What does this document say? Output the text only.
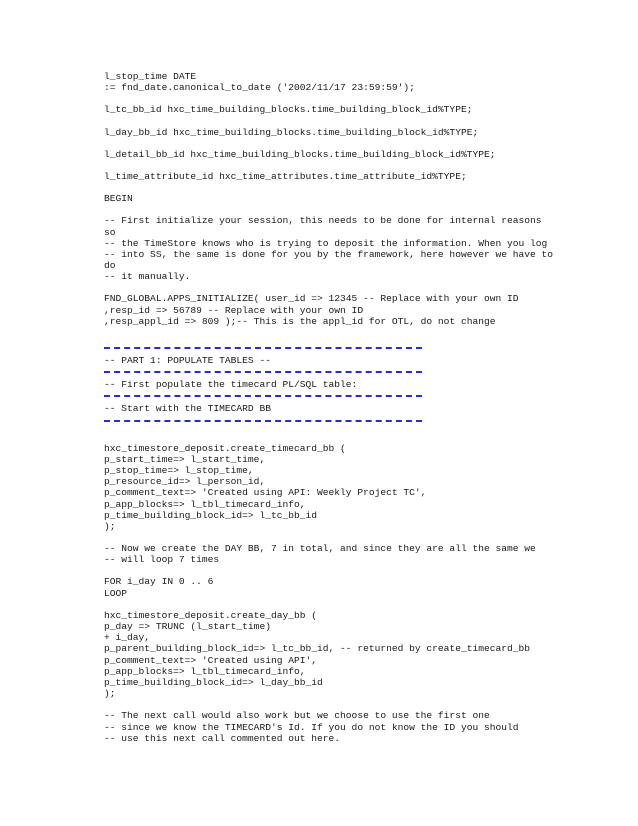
l_stop_time DATE
:= fnd_date.canonical_to_date ('2002/11/17 23:59:59');
l_tc_bb_id hxc_time_building_blocks.time_building_block_id%TYPE;
l_day_bb_id hxc_time_building_blocks.time_building_block_id%TYPE;
l_detail_bb_id hxc_time_building_blocks.time_building_block_id%TYPE;
l_time_attribute_id hxc_time_attributes.time_attribute_id%TYPE;
BEGIN
-- First initialize your session, this needs to be done for internal reasons
so
-- the TimeStore knows who is trying to deposit the information. When you log
-- into SS, the same is done for you by the framework, here however we have to
do
-- it manually.
FND_GLOBAL.APPS_INITIALIZE( user_id => 12345 -- Replace with your own ID
,resp_id => 56789 -- Replace with your own ID
,resp_appl_id => 809 );-- This is the appl_id for OTL, do not change
-- PART 1: POPULATE TABLES --
-- First populate the timecard PL/SQL table:
-- Start with the TIMECARD BB
hxc_timestore_deposit.create_timecard_bb (
p_start_time=> l_start_time,
p_stop_time=> l_stop_time,
p_resource_id=> l_person_id,
p_comment_text=> 'Created using API: Weekly Project TC',
p_app_blocks=> l_tbl_timecard_info,
p_time_building_block_id=> l_tc_bb_id
);
-- Now we create the DAY BB, 7 in total, and since they are all the same we
-- will loop 7 times
FOR i_day IN 0 .. 6
LOOP
hxc_timestore_deposit.create_day_bb (
p_day => TRUNC (l_start_time)
+ i_day,
p_parent_building_block_id=> l_tc_bb_id, -- returned by create_timecard_bb
p_comment_text=> 'Created using API',
p_app_blocks=> l_tbl_timecard_info,
p_time_building_block_id=> l_day_bb_id
);
-- The next call would also work but we choose to use the first one
-- since we know the TIMECARD's Id. If you do not know the ID you should
-- use this next call commented out here.
